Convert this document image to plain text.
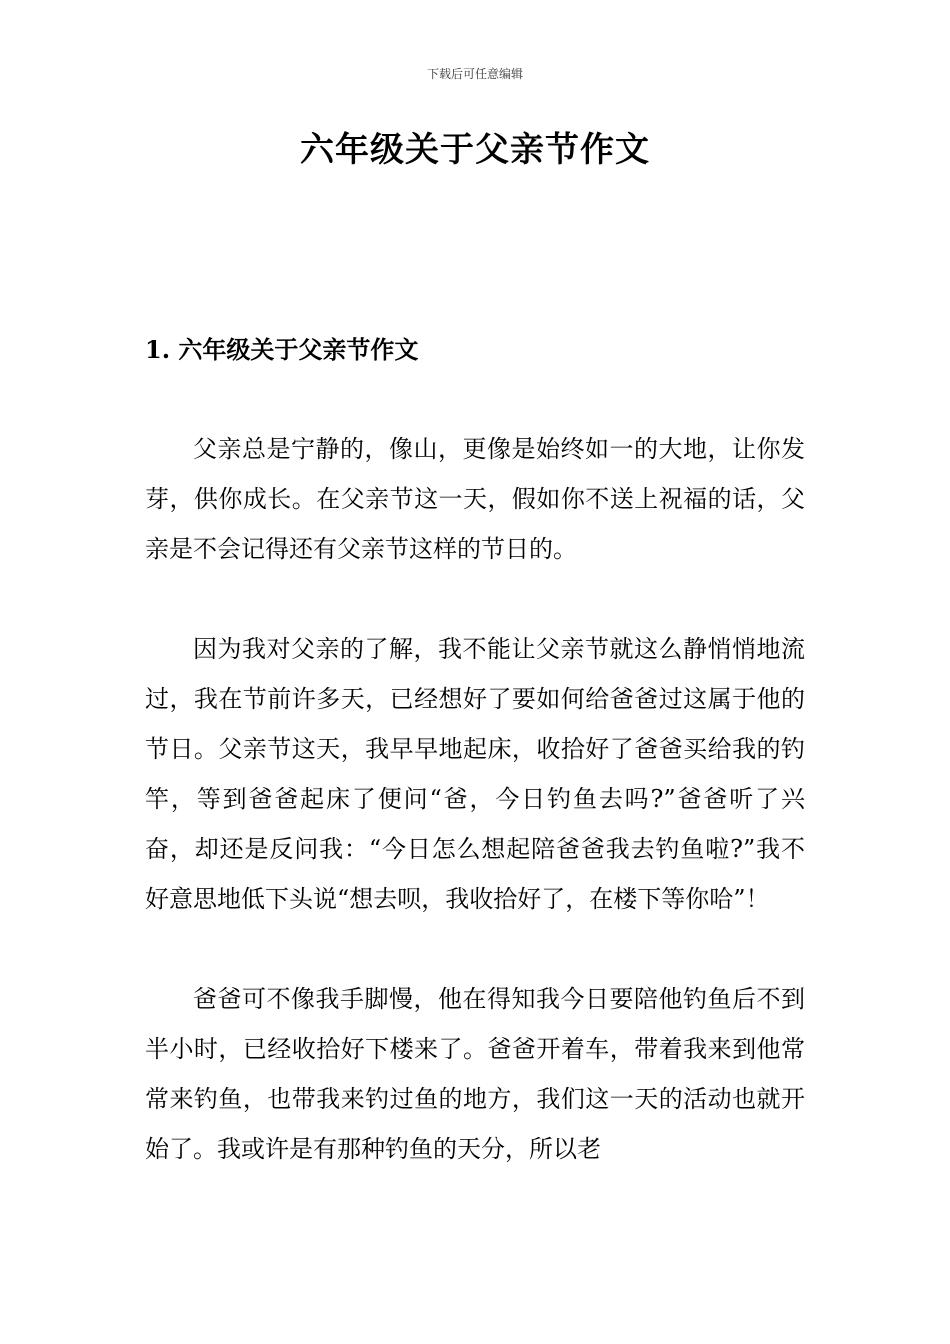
下载后可任意编辑
六年级关于父亲节作文
1. 六年级关于父亲节作文

父亲总是宁静的，像山，更像是始终如一的大地，让你发芽，供你成长。在父亲节这一天，假如你不送上祝福的话，父亲是不会记得还有父亲节这样的节日的。

因为我对父亲的了解，我不能让父亲节就这么静悄悄地流过，我在节前许多天，已经想好了要如何给爸爸过这属于他的节日。父亲节这天，我早早地起床，收拾好了爸爸买给我的钓竿，等到爸爸起床了便问“爸，今日钓鱼去吗?”爸爸听了兴奋，却还是反问我：“今日怎么想起陪爸爸我去钓鱼啦?”我不好意思地低下头说“想去呗，我收拾好了，在楼下等你哈”！

爸爸可不像我手脚慢，他在得知我今日要陪他钓鱼后不到半小时，已经收拾好下楼来了。爸爸开着车，带着我来到他常常来钓鱼，也带我来钓过鱼的地方，我们这一天的活动也就开始了。我或许是有那种钓鱼的天分，所以老
